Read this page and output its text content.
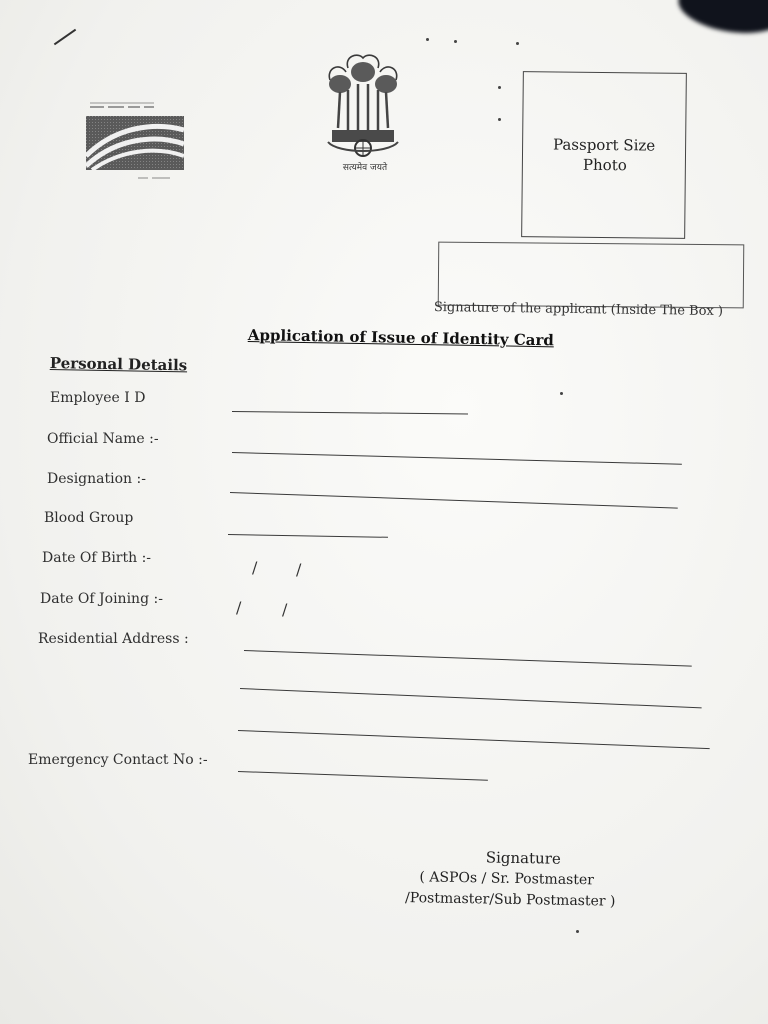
सत्यमेव जयते
Passport Size
Photo
Signature of the applicant (Inside The Box )
Application of Issue of Identity Card
Personal Details
Employee I D
Official Name :-
Designation :-
Blood Group
Date Of Birth :-	/ /
Date Of Joining :-	/	/
Residential Address :
Emergency Contact No :-
Signature
( ASPOs / Sr. Postmaster
/Postmaster/Sub Postmaster )
